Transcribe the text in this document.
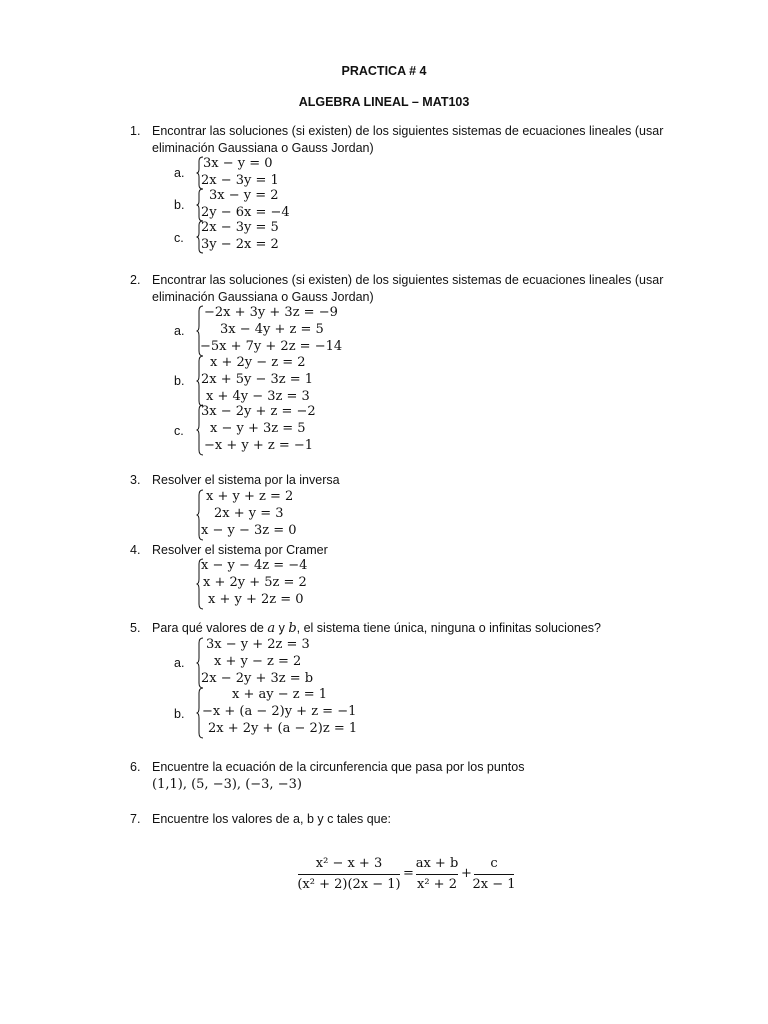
PRACTICA # 4
ALGEBRA LINEAL – MAT103
1. Encontrar las soluciones (si existen) de los siguientes sistemas de ecuaciones lineales (usar
eliminación Gaussiana o Gauss Jordan)
a.
3x − y = 0
2x − 3y = 1
b.
3x − y = 2
2y − 6x = −4
c.
2x − 3y = 5
3y − 2x = 2
2. Encontrar las soluciones (si existen) de los siguientes sistemas de ecuaciones lineales (usar
eliminación Gaussiana o Gauss Jordan)
a.
−2x + 3y + 3z = −9
3x − 4y + z = 5
−5x + 7y + 2z = −14
b.
x + 2y − z = 2
2x + 5y − 3z = 1
x + 4y − 3z = 3
c.
3x − 2y + z = −2
x − y + 3z = 5
−x + y + z = −1
3. Resolver el sistema por la inversa
x + y + z = 2
2x + y = 3
x − y − 3z = 0
4. Resolver el sistema por Cramer
x − y − 4z = −4
x + 2y + 5z = 2
x + y + 2z = 0
5. Para qué valores de a y b, el sistema tiene única, ninguna o infinitas soluciones?
a.
3x − y + 2z = 3
x + y − z = 2
2x − 2y + 3z = b
b.
x + ay − z = 1
−x + (a − 2)y + z = −1
2x + 2y + (a − 2)z = 1
6. Encuentre la ecuación de la circunferencia que pasa por los puntos
(1,1), (5, −3), (−3, −3)
7. Encuentre los valores de a, b y c tales que:
x² − x + 3
(x² + 2)(2x − 1)
=
ax + b
x² + 2
+
c
2x − 1
